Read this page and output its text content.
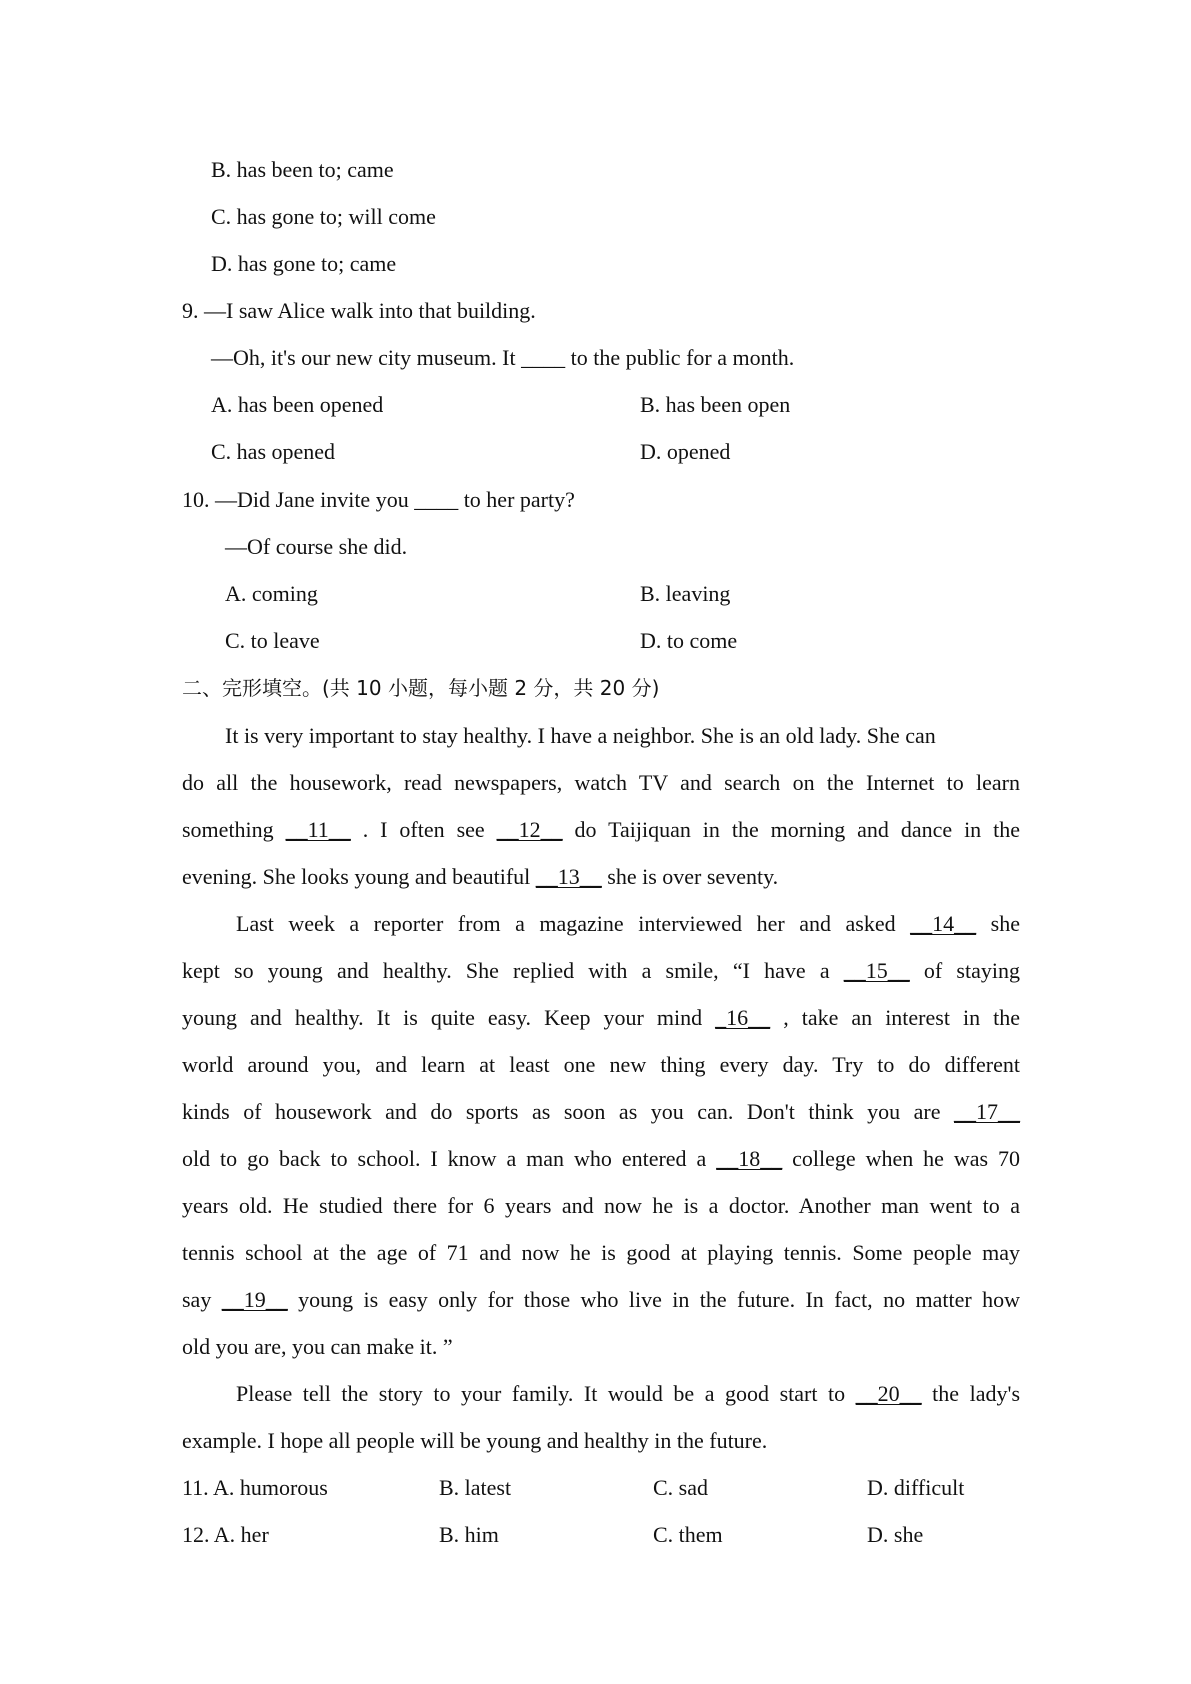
B. has been to; came
C. has gone to; will come
D. has gone to; came
9. —I saw Alice walk into that building.
—Oh, it's our new city museum. It ____ to the public for a month.
A. has been opened	B. has been open
C. has opened	D. opened
10. —Did Jane invite you ____ to her party?
—Of course she did.
A. coming	B. leaving
C. to leave	D. to come
二、完形填空。(共 10 小题，每小题 2 分，共 20 分)
It is very important to stay healthy. I have a neighbor. She is an old lady. She can
do all the housework, read newspapers, watch TV and search on the Internet to learn
something __11__ . I often see __12__ do Taijiquan in the morning and dance in the
evening. She looks young and beautiful __13__ she is over seventy.
Last week a reporter from a magazine interviewed her and asked __14__ she
kept so young and healthy. She replied with a smile, “I have a __15__ of staying
young and healthy. It is quite easy. Keep your mind _16__ , take an interest in the
world around you, and learn at least one new thing every day. Try to do different
kinds of housework and do sports as soon as you can. Don't think you are __17__
old to go back to school. I know a man who entered a __18__ college when he was 70
years old. He studied there for 6 years and now he is a doctor. Another man went to a
tennis school at the age of 71 and now he is good at playing tennis. Some people may
say __19__ young is easy only for those who live in the future. In fact, no matter how
old you are, you can make it. ”
Please tell the story to your family. It would be a good start to __20__ the lady's
example. I hope all people will be young and healthy in the future.
11. A. humorous	B. latest	C. sad	D. difficult
12. A. her	B. him	C. them	D. she
